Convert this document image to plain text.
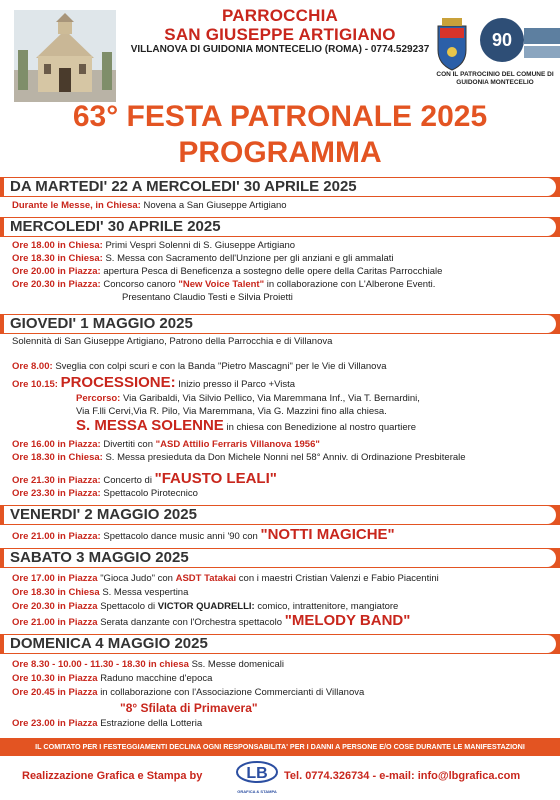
PARROCCHIA
SAN GIUSEPPE ARTIGIANO
VILLANOVA DI GUIDONIA MONTECELIO (ROMA) - 0774.529237	90
CON IL PATROCINIO DEL COMUNE DI
GUIDONIA MONTECELIO
63° FESTA PATRONALE 2025
PROGRAMMA
DA MARTEDI' 22 A MERCOLEDI' 30 APRILE 2025
Durante le Messe, in Chiesa: Novena a San Giuseppe Artigiano
MERCOLEDI' 30 APRILE 2025
Ore 18.00 in Chiesa: Primi Vespri Solenni di S. Giuseppe Artigiano
Ore 18.30 in Chiesa: S. Messa con Sacramento dell'Unzione per gli anziani e gli ammalati
Ore 20.00 in Piazza: apertura Pesca di Beneficenza a sostegno delle opere della Caritas Parrocchiale
Ore 20.30 in Piazza: Concorso canoro "New Voice Talent" in collaborazione con L'Alberone Eventi.
Presentano Claudio Testi e Silvia Proietti
GIOVEDI' 1 MAGGIO 2025
Solennità di San Giuseppe Artigiano, Patrono della Parrocchia e di Villanova
Ore 8.00: Sveglia con colpi scuri e con la Banda "Pietro Mascagni" per le Vie di Villanova
Ore 10.15: PROCESSIONE: Inizio presso il Parco +Vista
Percorso: Via Garibaldi, Via Silvio Pellico, Via Maremmana Inf., Via T. Bernardini,
Via F.lli Cervi,Via R. Pilo, Via Maremmana, Via G. Mazzini fino alla chiesa.
S. MESSA SOLENNE in chiesa con Benedizione al nostro quartiere
Ore 16.00 in Piazza: Divertiti con "ASD Attilio Ferraris Villanova 1956"
Ore 18.30 in Chiesa: S. Messa presieduta da Don Michele Nonni nel 58° Anniv. di Ordinazione Presbiterale
Ore 21.30 in Piazza: Concerto di "FAUSTO LEALI"
Ore 23.30 in Piazza: Spettacolo Pirotecnico
VENERDI' 2 MAGGIO 2025
Ore 21.00 in Piazza: Spettacolo dance music anni '90 con "NOTTI MAGICHE"
SABATO 3 MAGGIO 2025
Ore 17.00 in Piazza "Gioca Judo" con ASDT Tatakai con i maestri Cristian Valenzi e Fabio Piacentini
Ore 18.30 in Chiesa S. Messa vespertina
Ore 20.30 in Piazza Spettacolo di VICTOR QUADRELLI: comico, intrattenitore, mangiatore
Ore 21.00 in Piazza Serata danzante con l'Orchestra spettacolo "MELODY BAND"
DOMENICA 4 MAGGIO 2025
Ore 8.30 - 10.00 - 11.30 - 18.30 in chiesa Ss. Messe domenicali
Ore 10.30 in Piazza Raduno macchine d'epoca
Ore 20.45 in Piazza in collaborazione con l'Associazione Commercianti di Villanova
"8° Sfilata di Primavera"
Ore 23.00 in Piazza Estrazione della Lotteria
IL COMITATO PER I FESTEGGIAMENTI DECLINA OGNI RESPONSABILITA' PER I DANNI A PERSONE E/O COSE DURANTE LE MANIFESTAZIONI
Realizzazione Grafica e Stampa by	LB
GRAFICA & STAMPA
Tel. 0774.326734 - e-mail: info@lbgrafica.com
